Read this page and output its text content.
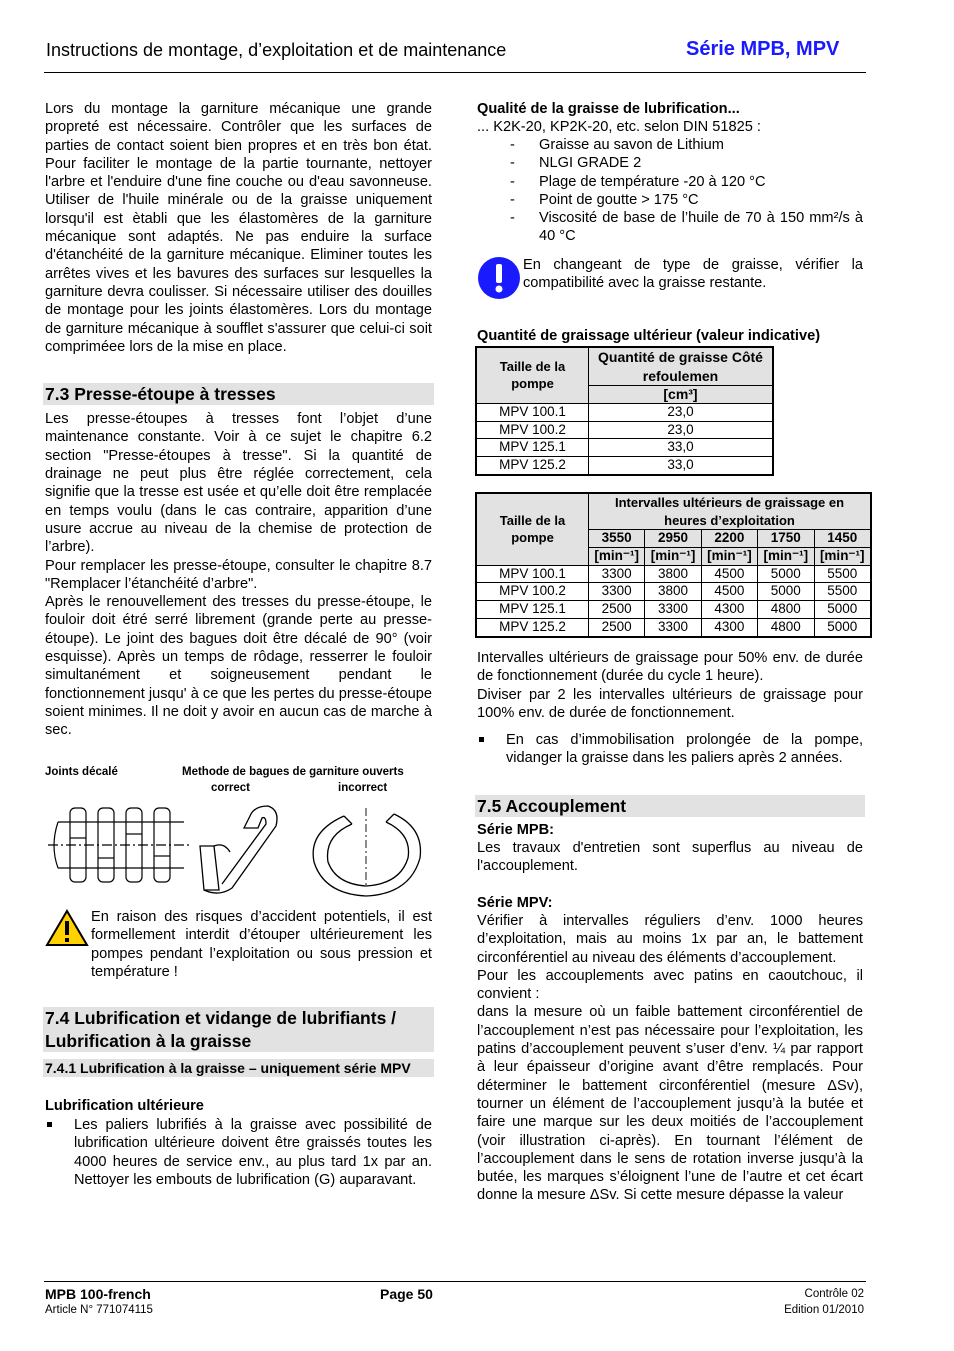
Instructions de montage, d’exploitation et de maintenance	Série MPB, MPV

Lors du montage la garniture mécanique une grande propreté est nécessaire. Contrôler que les surfaces de parties de contact soient bien propres et en très bon état. Pour faciliter le montage de la partie tournante, nettoyer l'arbre et l'enduire d'une fine couche ou d'eau savonneuse. Utiliser de l'huile minérale ou de la graisse uniquement lorsqu'il est ètabli que les élastomères de la garniture mécanique sont adaptés. Ne pas enduire la surface d'étanchéité de la garniture mécanique. Eliminer toutes les arrêtes vives et les bavures des surfaces sur lesquelles la garniture devra coulisser. Si nécessaire utiliser des douilles de montage pour les joints élastomères. Lors du montage de garniture mécanique à soufflet s'assurer que celui-ci soit compriméee lors de la mise en place.

7.3 Presse-étoupe à tresses

Les presse-étoupes à tresses font l’objet d’une maintenance constante. Voir à ce sujet le chapitre 6.2 section "Presse-étoupes à tresse". Si la quantité de drainage ne peut plus être réglée correctement, cela signifie que la tresse est usée et qu’elle doit être remplacée en temps voulu (dans le cas contraire, apparition d’une usure accrue au niveau de la chemise de protection de l’arbre).

Pour remplacer les presse-étoupe, consulter le chapitre 8.7 "Remplacer l’étanchéité d’arbre".

Après le renouvellement des tresses du presse-étoupe, le fouloir doit étré serré librement (grande perte au presse-étoupe). Le joint des bagues doit être décalé de 90° (voir esquisse). Après un temps de rôdage, resserrer le fouloir simultanément et soigneusement pendant le fonctionnement jusqu' à ce que les pertes du presse-étoupe soient minimes. Il ne doit y avoir en aucun cas de marche à sec.

Joints décalé	Methode de bagues de garniture ouverts
correct	incorrect
En raison des risques d’accident potentiels, il est formellement interdit d’étouper ultérieurement les pompes pendant l’exploitation ou sous pression et température !
7.4 Lubrification et vidange de lubrifiants / Lubrification à la graisse
7.4.1 Lubrification à la graisse – uniquement série MPV
Lubrification ultérieure
Les paliers lubrifiés à la graisse avec possibilité de lubrification ultérieure doivent être graissés toutes les 4000 heures de service env., au plus tard 1x par an. Nettoyer les embouts de lubrification (G) auparavant.
Qualité de la graisse de lubrification...
... K2K-20, KP2K-20, etc. selon DIN 51825 :
- Graisse au savon de Lithium
- NLGI GRADE 2
- Plage de température -20 à 120 °C
- Point de goutte > 175 °C
- Viscosité de base de l’huile de 70 à 150 mm²/s à 40 °C
En changeant de type de graisse, vérifier la compatibilité avec la graisse restante.
Quantité de graissage ultérieur (valeur indicative)
Taille de la pompe	Quantité de graisse Côté refoulemen
	[cm³]
MPV 100.1	23,0
MPV 100.2	23,0
MPV 125.1	33,0
MPV 125.2	33,0
Taille de la pompe	Intervalles ultérieurs de graissage en heures d’exploitation				
	3550	2950	2200	1750	1450
	[min⁻¹]	[min⁻¹]	[min⁻¹]	[min⁻¹]	[min⁻¹]
MPV 100.1	3300	3800	4500	5000	5500
MPV 100.2	3300	3800	4500	5000	5500
MPV 125.1	2500	3300	4300	4800	5000
MPV 125.2	2500	3300	4300	4800	5000

Intervalles ultérieurs de graissage pour 50% env. de durée de fonctionnement (durée du cycle 1 heure).

Diviser par 2 les intervalles ultérieurs de graissage pour 100% env. de durée de fonctionnement.

En cas d’immobilisation prolongée de la pompe, vidanger la graisse dans les paliers après 2 années.
7.5 Accouplement

Série MPB:

Les travaux d'entretien sont superflus au niveau de l'accouplement.

Série MPV:

Vérifier à intervalles réguliers d’env. 1000 heures d’exploitation, mais au moins 1x par an, le battement circonférentiel au niveau des éléments d’accouplement.

Pour les accouplements avec patins en caoutchouc, il convient :

dans la mesure où un faible battement circonférentiel de l’accouplement n’est pas nécessaire pour l’exploitation, les patins d’accouplement peuvent s’user d’env. ¼ par rapport à leur épaisseur d’origine avant d’être remplacés. Pour déterminer le battement circonférentiel (mesure ΔSv), tourner un élément de l’accouplement jusqu’à la butée et faire une marque sur les deux moitiés de l’accouplement (voir illustration ci-après). En tournant l’élément de l’accouplement dans le sens de rotation inverse jusqu’à la butée, les marques s’éloignent l’une de l’autre et cet écart donne la mesure ΔSv. Si cette mesure dépasse la valeur

MPB 100-french
Article N° 771074115
Page 50	Contrôle 02
Edition 01/2010
